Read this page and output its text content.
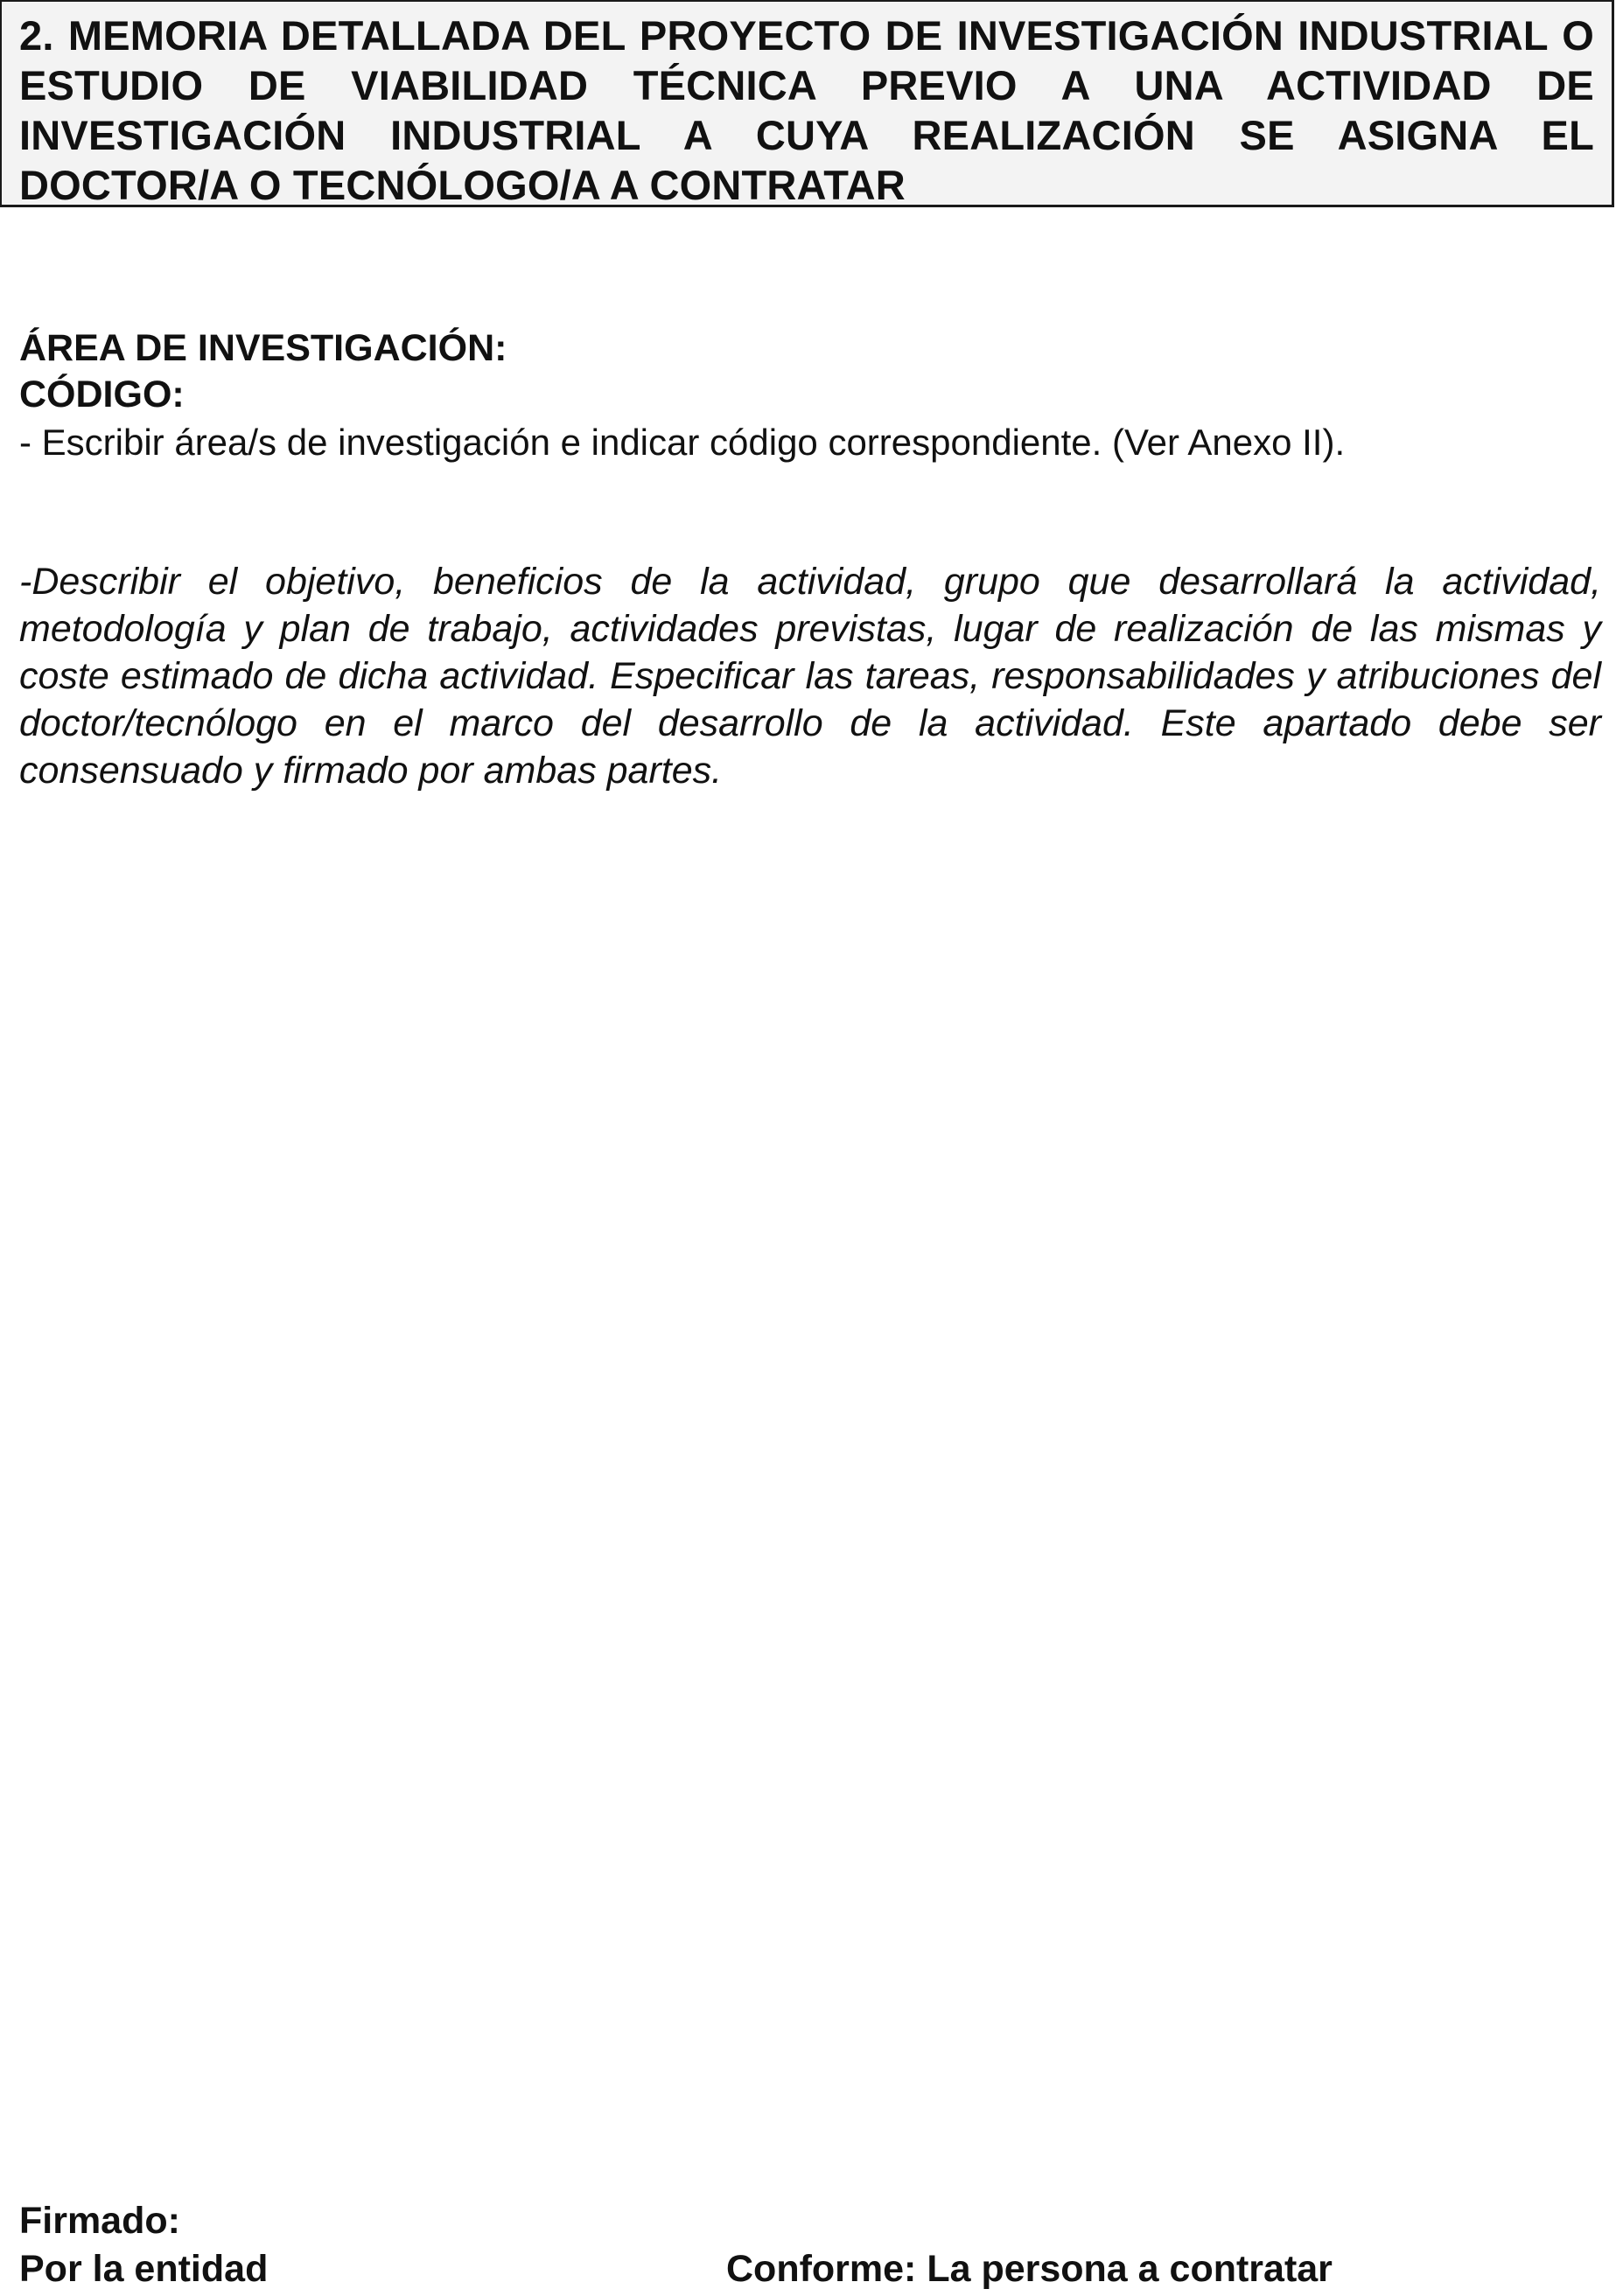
2. MEMORIA DETALLADA DEL PROYECTO DE INVESTIGACIÓN INDUSTRIAL O ESTUDIO DE VIABILIDAD TÉCNICA PREVIO A UNA ACTIVIDAD DE INVESTIGACIÓN INDUSTRIAL A CUYA REALIZACIÓN SE ASIGNA EL DOCTOR/A O TECNÓLOGO/A A CONTRATAR

ÁREA DE INVESTIGACIÓN:

CÓDIGO:

- Escribir área/s de investigación e indicar código correspondiente. (Ver Anexo II).

-Describir el objetivo, beneficios de la actividad, grupo que desarrollará la actividad, metodología y plan de trabajo, actividades previstas, lugar de realización de las mismas y coste estimado de dicha actividad. Especificar las tareas, responsabilidades y atribuciones del doctor/tecnólogo en el marco del desarrollo de la actividad. Este apartado debe ser consensuado y firmado por ambas partes.

Firmado:

Por la entidad	Conforme: La persona a contratar
